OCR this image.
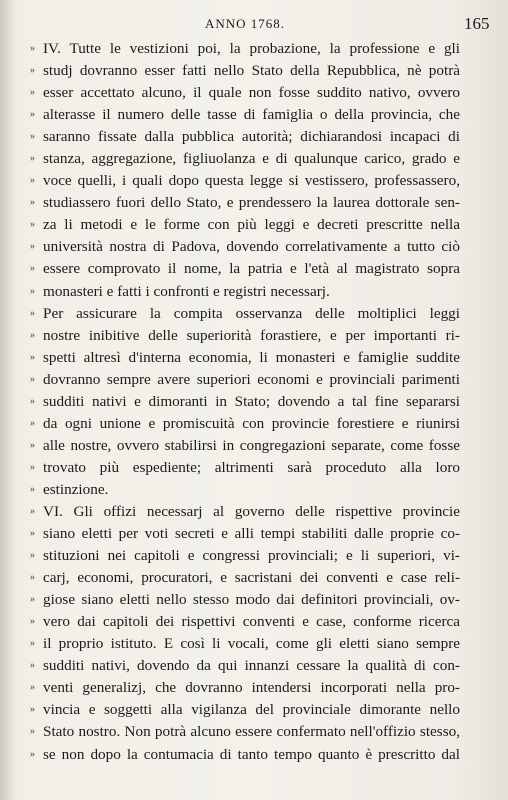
ANNO 1768.	165
» IV. Tutte le vestizioni poi, la probazione, la professione e gli
» studj dovranno esser fatti nello Stato della Repubblica, nè potrà
» esser accettato alcuno, il quale non fosse suddito nativo, ovvero
» alterasse il numero delle tasse di famiglia o della provincia, che
» saranno fissate dalla pubblica autorità; dichiarandosi incapaci di
» stanza, aggregazione, figliuolanza e di qualunque carico, grado e
» voce quelli, i quali dopo questa legge si vestissero, professassero,
» studiassero fuori dello Stato, e prendessero la laurea dottorale sen-
» za li metodi e le forme con più leggi e decreti prescritte nella
» università nostra di Padova, dovendo correlativamente a tutto ciò
» essere comprovato il nome, la patria e l'età al magistrato sopra
» monasteri e fatti i confronti e registri necessarj.
» Per assicurare la compita osservanza delle moltiplici leggi
» nostre inibitive delle superiorità forastiere, e per importanti ri-
» spetti altresì d'interna economia, li monasteri e famiglie suddite
» dovranno sempre avere superiori economi e provinciali parimenti
» sudditi nativi e dimoranti in Stato; dovendo a tal fine separarsi
» da ogni unione e promiscuità con provincie forestiere e riunirsi
» alle nostre, ovvero stabilirsi in congregazioni separate, come fosse
» trovato più espediente; altrimenti sarà proceduto alla loro
» estinzione.
» VI. Gli offizi necessarj al governo delle rispettive provincie
» siano eletti per voti secreti e alli tempi stabiliti dalle proprie co-
» stituzioni nei capitoli e congressi provinciali; e li superiori, vi-
» carj, economi, procuratori, e sacristani dei conventi e case reli-
» giose siano eletti nello stesso modo dai definitori provinciali, ov-
» vero dai capitoli dei rispettivi conventi e case, conforme ricerca
» il proprio istituto. E così li vocali, come gli eletti siano sempre
» sudditi nativi, dovendo da qui innanzi cessare la qualità di con-
» venti generalizj, che dovranno intendersi incorporati nella pro-
» vincia e soggetti alla vigilanza del provinciale dimorante nello
» Stato nostro. Non potrà alcuno essere confermato nell'offizio stesso,
» se non dopo la contumacia di tanto tempo quanto è prescritto dal
